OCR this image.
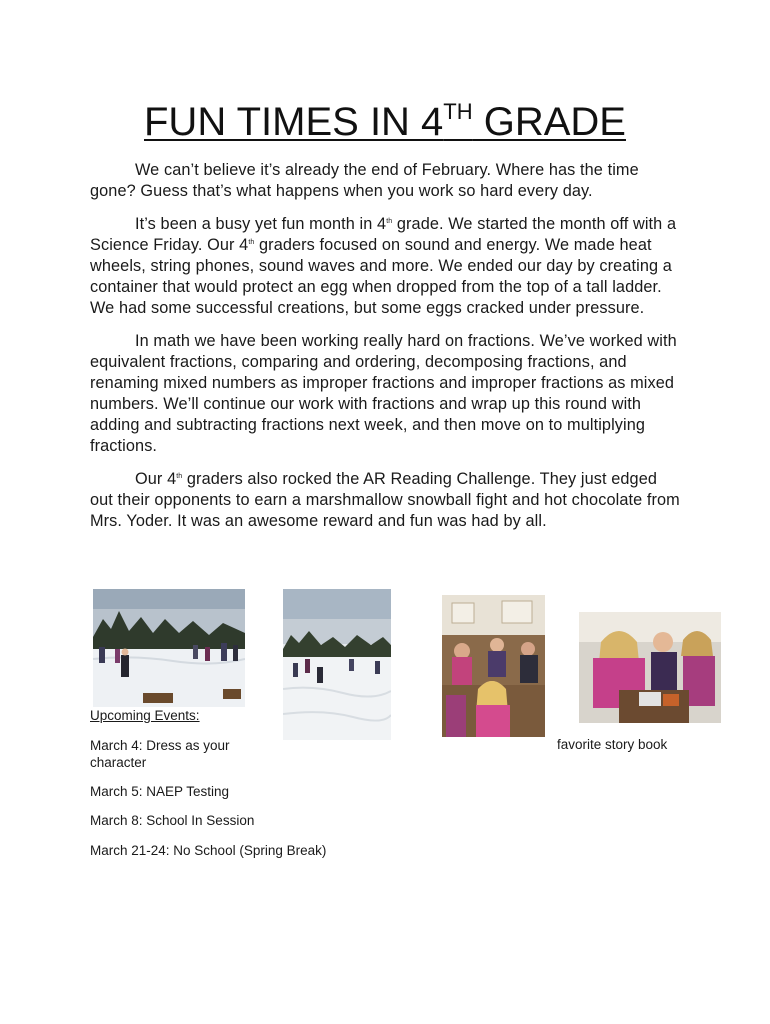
FUN TIMES IN 4TH GRADE

We can’t believe it’s already the end of February. Where has the time gone? Guess that’s what happens when you work so hard every day.

It’s been a busy yet fun month in 4th grade. We started the month off with a Science Friday. Our 4th graders focused on sound and energy. We made heat wheels, string phones, sound waves and more. We ended our day by creating a container that would protect an egg when dropped from the top of a tall ladder. We had some successful creations, but some eggs cracked under pressure.

In math we have been working really hard on fractions. We’ve worked with equivalent fractions, comparing and ordering, decomposing fractions, and renaming mixed numbers as improper fractions and improper fractions as mixed numbers. We’ll continue our work with fractions and wrap up this round with adding and subtracting fractions next week, and then move on to multiplying fractions.

Our 4th graders also rocked the AR Reading Challenge. They just edged out their opponents to earn a marshmallow snowball fight and hot chocolate from Mrs. Yoder. It was an awesome reward and fun was had by all.

Upcoming Events:
March 4: Dress as your character
favorite story book
March 5: NAEP Testing
March 8: School In Session
March 21-24: No School (Spring Break)
